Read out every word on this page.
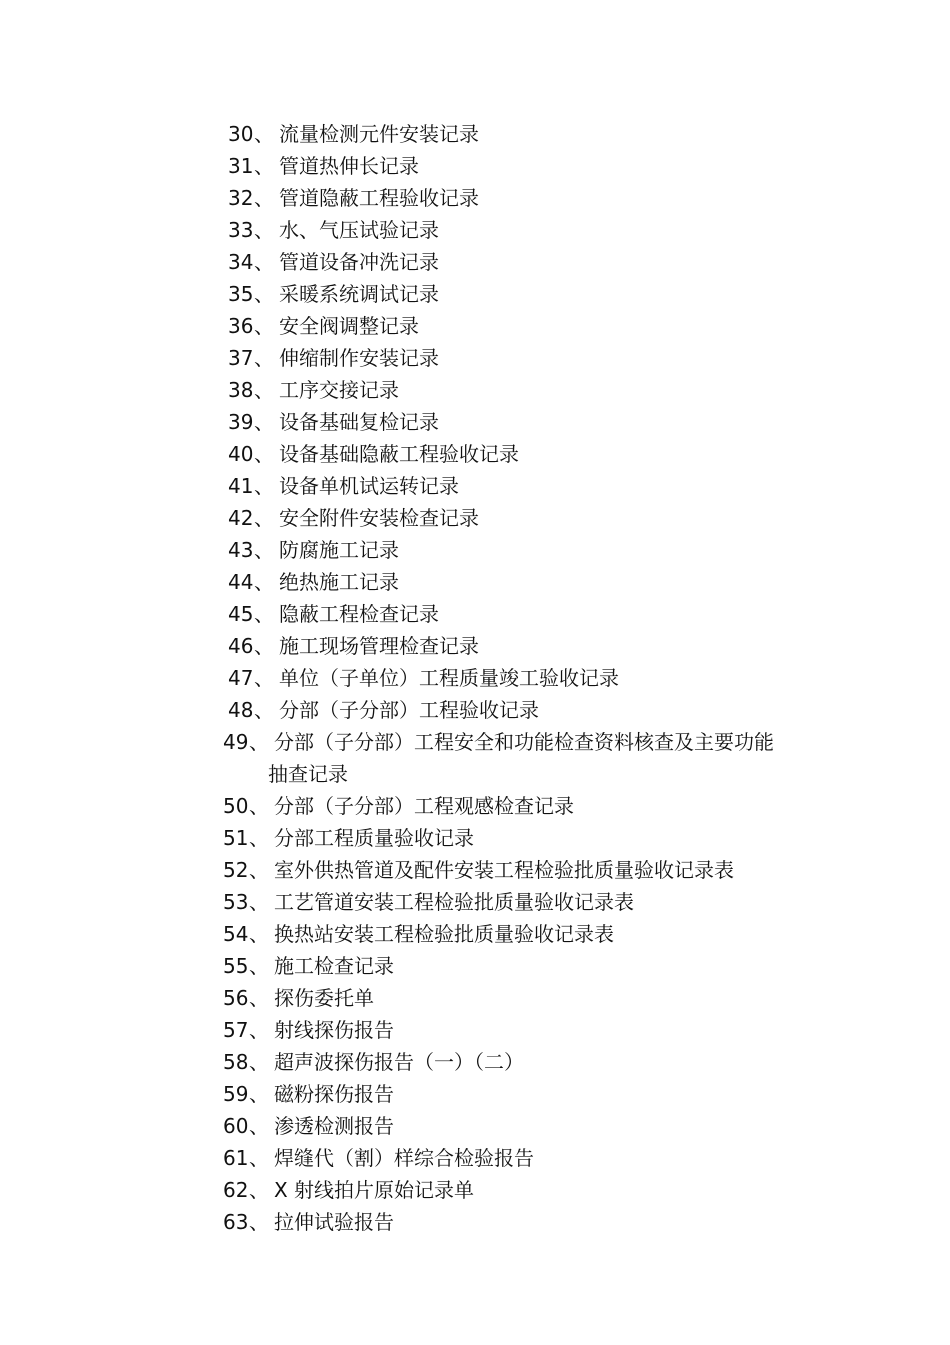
30 、 流量检测元件安装记录
31 、 管道热伸长记录
32 、 管道隐蔽工程验收记录
33 、 水、气压试验记录
34 、 管道设备冲洗记录
35 、 采暖系统调试记录
36 、 安全阀调整记录
37 、 伸缩制作安装记录
38 、 工序交接记录
39 、 设备基础复检记录
40 、 设备基础隐蔽工程验收记录
41 、 设备单机试运转记录
42 、 安全附件安装检查记录
43 、 防腐施工记录
44 、 绝热施工记录
45 、 隐蔽工程检查记录
46 、 施工现场管理检查记录
47 、 单位（子单位）工程质量竣工验收记录
48 、 分部（子分部）工程验收记录
49 、 分部（子分部）工程安全和功能检查资料核查及主要功能
抽查记录
50 、 分部（子分部）工程观感检查记录
51 、 分部工程质量验收记录
52 、 室外供热管道及配件安装工程检验批质量验收记录表
53 、 工艺管道安装工程检验批质量验收记录表
54 、 换热站安装工程检验批质量验收记录表
55 、 施工检查记录
56 、 探伤委托单
57 、 射线探伤报告
58 、 超声波探伤报告（一）（二）
59 、 磁粉探伤报告
60 、 渗透检测报告
61 、 焊缝代（割）样综合检验报告
62 、 X 射线拍片原始记录单
63 、 拉伸试验报告
